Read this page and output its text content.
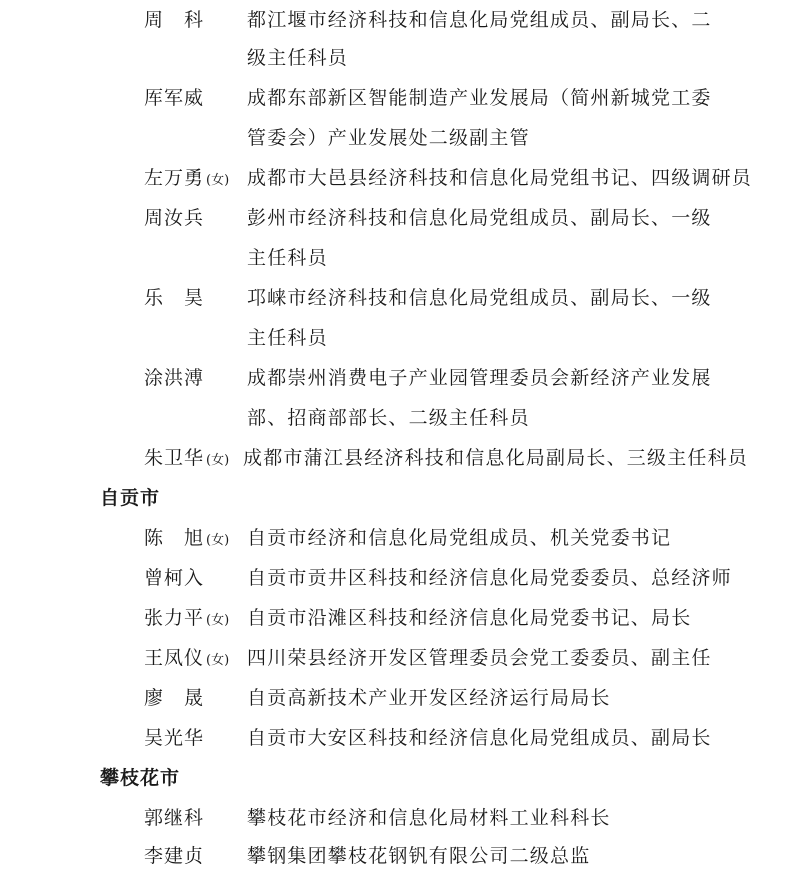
周　科	都江堰市经济科技和信息化局党组成员、副局长、二
级主任科员
厍军威	成都东部新区智能制造产业发展局（简州新城党工委
管委会）产业发展处二级副主管
左万勇 (女) 成都市大邑县经济科技和信息化局党组书记、四级调研员
周汝兵	彭州市经济科技和信息化局党组成员、副局长、一级
主任科员
乐　昊	邛崃市经济科技和信息化局党组成员、副局长、一级
主任科员
涂洪溥	成都崇州消费电子产业园管理委员会新经济产业发展
部、招商部部长、二级主任科员
朱卫华 (女) 成都市蒲江县经济科技和信息化局副局长、三级主任科员
自贡市
陈　旭 (女) 自贡市经济和信息化局党组成员、机关党委书记
曾柯入	自贡市贡井区科技和经济信息化局党委委员、总经济师
张力平 (女) 自贡市沿滩区科技和经济信息化局党委书记、局长
王凤仪 (女) 四川荣县经济开发区管理委员会党工委委员、副主任
廖　晟	自贡高新技术产业开发区经济运行局局长
吴光华	自贡市大安区科技和经济信息化局党组成员、副局长
攀枝花市
郭继科	攀枝花市经济和信息化局材料工业科科长
李建贞	攀钢集团攀枝花钢钒有限公司二级总监
